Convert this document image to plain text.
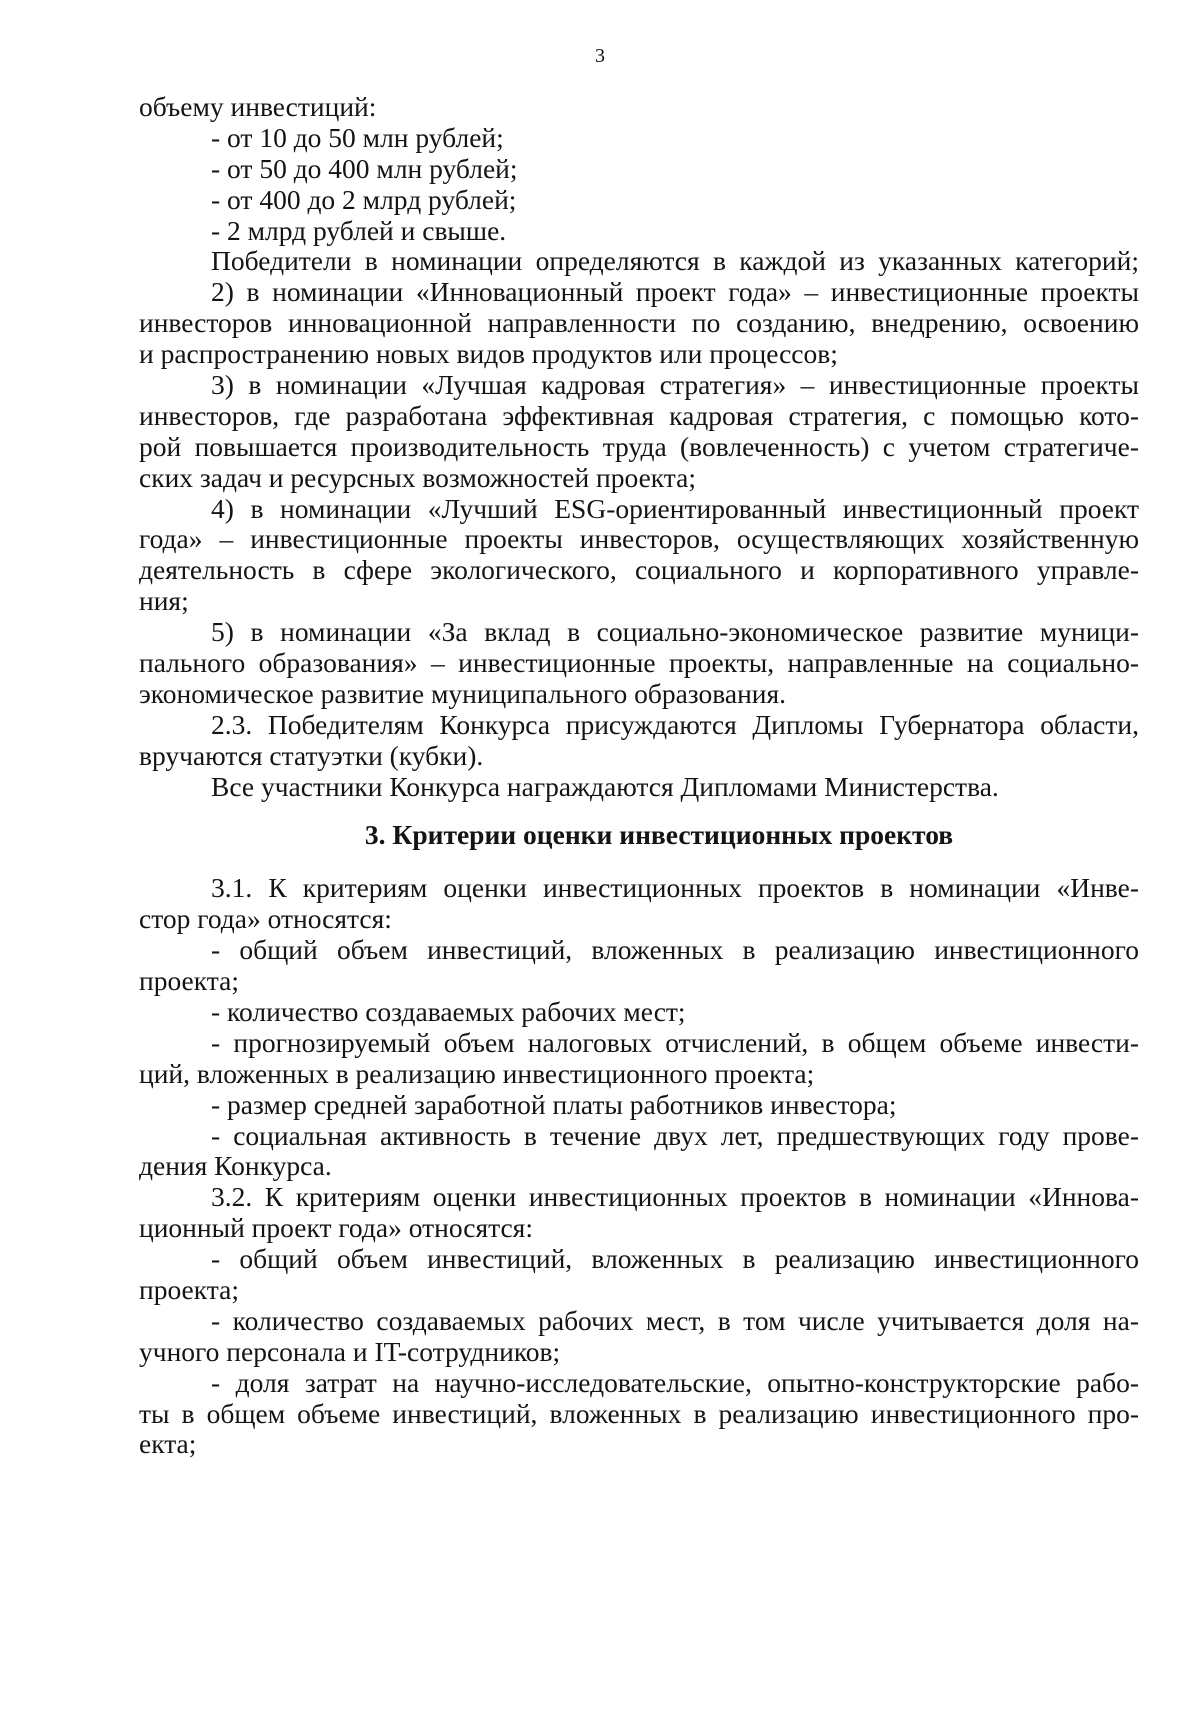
3
объему инвестиций:
- от 10 до 50 млн рублей;
- от 50 до 400 млн рублей;
- от 400 до 2 млрд рублей;
- 2 млрд рублей и свыше.
Победители в номинации определяются в каждой из указанных категорий;
2) в номинации «Инновационный проект года» – инвестиционные проекты
инвесторов инновационной направленности по созданию, внедрению, освоению
и распространению новых видов продуктов или процессов;
3) в номинации «Лучшая кадровая стратегия» – инвестиционные проекты
инвесторов, где разработана эффективная кадровая стратегия, с помощью кото-
рой повышается производительность труда (вовлеченность) с учетом стратегиче-
ских задач и ресурсных возможностей проекта;
4) в номинации «Лучший ESG-ориентированный инвестиционный проект
года» – инвестиционные проекты инвесторов, осуществляющих хозяйственную
деятельность в сфере экологического, социального и корпоративного управле-
ния;
5) в номинации «За вклад в социально-экономическое развитие муници-
пального образования» – инвестиционные проекты, направленные на социально-
экономическое развитие муниципального образования.
2.3. Победителям Конкурса присуждаются Дипломы Губернатора области,
вручаются статуэтки (кубки).
Все участники Конкурса награждаются Дипломами Министерства.
3. Критерии оценки инвестиционных проектов
3.1. К критериям оценки инвестиционных проектов в номинации «Инве-
стор года» относятся:
- общий объем инвестиций, вложенных в реализацию инвестиционного
проекта;
- количество создаваемых рабочих мест;
- прогнозируемый объем налоговых отчислений, в общем объеме инвести-
ций, вложенных в реализацию инвестиционного проекта;
- размер средней заработной платы работников инвестора;
- социальная активность в течение двух лет, предшествующих году прове-
дения Конкурса.
3.2. К критериям оценки инвестиционных проектов в номинации «Иннова-
ционный проект года» относятся:
- общий объем инвестиций, вложенных в реализацию инвестиционного
проекта;
- количество создаваемых рабочих мест, в том числе учитывается доля на-
учного персонала и IT-сотрудников;
- доля затрат на научно-исследовательские, опытно-конструкторские рабо-
ты в общем объеме инвестиций, вложенных в реализацию инвестиционного про-
екта;
